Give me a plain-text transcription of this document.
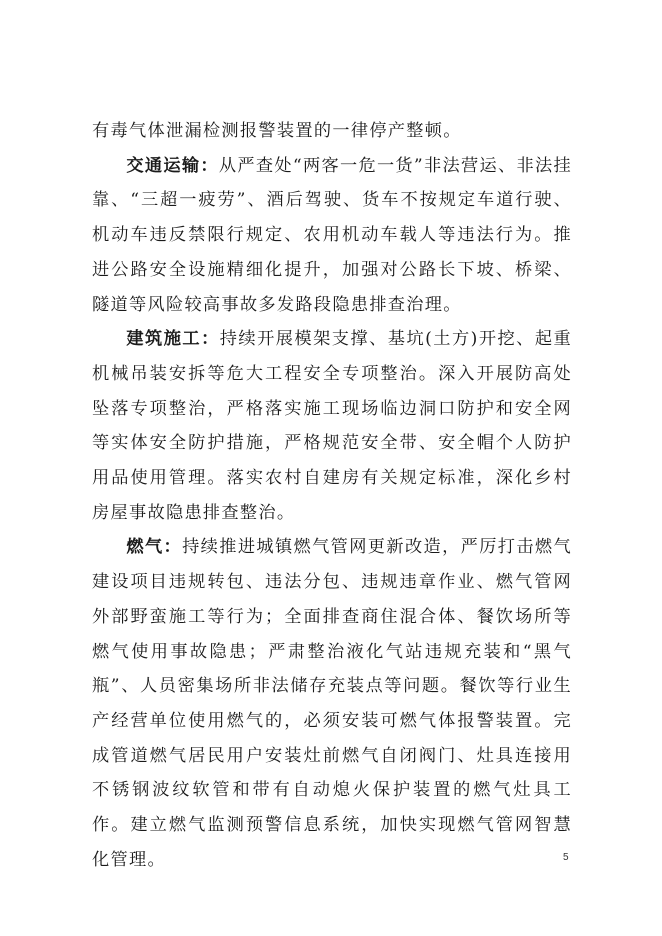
有毒气体泄漏检测报警装置的一律停产整顿。

交通运输：从严查处“两客一危一货”非法营运、非法挂靠、“三超一疲劳”、酒后驾驶、货车不按规定车道行驶、机动车违反禁限行规定、农用机动车载人等违法行为。推进公路安全设施精细化提升，加强对公路长下坡、桥梁、隧道等风险较高事故多发路段隐患排查治理。

建筑施工：持续开展模架支撑、基坑(土方)开挖、起重机械吊装安拆等危大工程安全专项整治。深入开展防高处坠落专项整治，严格落实施工现场临边洞口防护和安全网等实体安全防护措施，严格规范安全带、安全帽个人防护用品使用管理。落实农村自建房有关规定标准，深化乡村房屋事故隐患排查整治。

燃气：持续推进城镇燃气管网更新改造，严厉打击燃气建设项目违规转包、违法分包、违规违章作业、燃气管网外部野蛮施工等行为；全面排查商住混合体、餐饮场所等燃气使用事故隐患；严肃整治液化气站违规充装和“黑气瓶”、人员密集场所非法储存充装点等问题。餐饮等行业生产经营单位使用燃气的，必须安装可燃气体报警装置。完成管道燃气居民用户安装灶前燃气自闭阀门、灶具连接用不锈钢波纹软管和带有自动熄火保护装置的燃气灶具工作。建立燃气监测预警信息系统，加快实现燃气管网智慧化管理。	5
